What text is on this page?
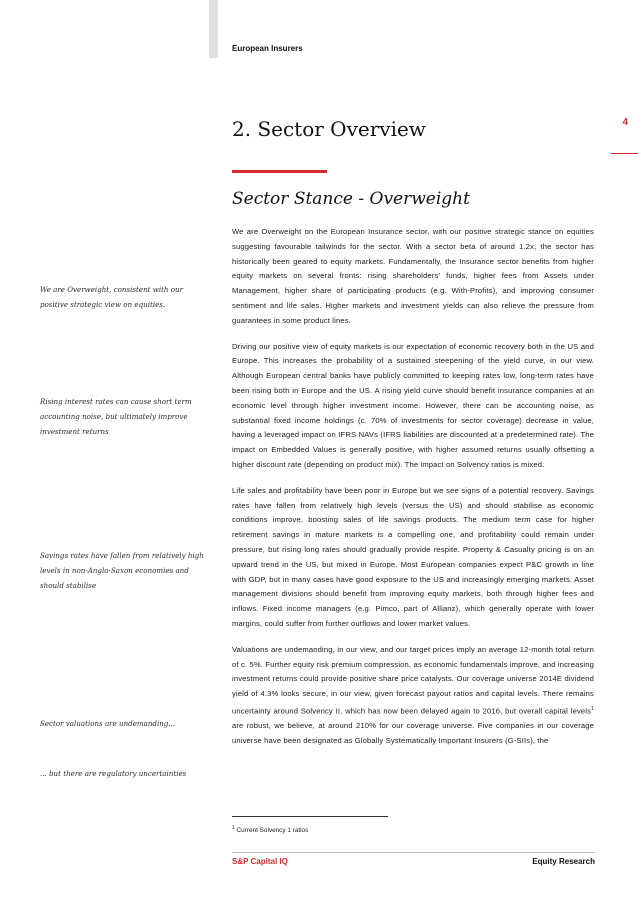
European Insurers
4
2. Sector Overview
Sector Stance - Overweight
We are Overweight, consistent with our positive strategic view on equities.
Rising interest rates can cause short term accounting noise, but ultimately improve investment returns
Savings rates have fallen from relatively high levels in non-Anglo-Saxon economies and should stabilise
Sector valuations are undemanding...
... but there are regulatory uncertainties

We are Overweight on the European Insurance sector, with our positive strategic stance on equities suggesting favourable tailwinds for the sector. With a sector beta of around 1.2x, the sector has historically been geared to equity markets. Fundamentally, the Insurance sector benefits from higher equity markets on several fronts: rising shareholders' funds, higher fees from Assets under Management, higher share of participating products (e.g. With-Profits), and improving consumer sentiment and life sales. Higher markets and investment yields can also relieve the pressure from guarantees in some product lines.

Driving our positive view of equity markets is our expectation of economic recovery both in the US and Europe. This increases the probability of a sustained steepening of the yield curve, in our view. Although European central banks have publicly committed to keeping rates low, long-term rates have been rising both in Europe and the US. A rising yield curve should benefit insurance companies at an economic level through higher investment income. However, there can be accounting noise, as substantial fixed income holdings (c. 70% of investments for sector coverage) decrease in value, having a leveraged impact on IFRS NAVs (IFRS liabilities are discounted at a predetermined rate). The impact on Embedded Values is generally positive, with higher assumed returns usually offsetting a higher discount rate (depending on product mix). The impact on Solvency ratios is mixed.

Life sales and profitability have been poor in Europe but we see signs of a potential recovery. Savings rates have fallen from relatively high levels (versus the US) and should stabilise as economic conditions improve, boosting sales of life savings products. The medium term case for higher retirement savings in mature markets is a compelling one, and profitability could remain under pressure, but rising long rates should gradually provide respite. Property & Casualty pricing is on an upward trend in the US, but mixed in Europe. Most European companies expect P&C growth in line with GDP, but in many cases have good exposure to the US and increasingly emerging markets. Asset management divisions should benefit from improving equity markets, both through higher fees and inflows. Fixed income managers (e.g. Pimco, part of Allianz), which generally operate with lower margins, could suffer from further outflows and lower market values.

Valuations are undemanding, in our view, and our target prices imply an average 12-month total return of c. 5%. Further equity risk premium compression, as economic fundamentals improve, and increasing investment returns could provide positive share price catalysts. Our coverage universe 2014E dividend yield of 4.3% looks secure, in our view, given forecast payout ratios and capital levels. There remains uncertainty around Solvency II, which has now been delayed again to 2016, but overall capital levels$^1$ are robust, we believe, at around 210% for our coverage universe. Five companies in our coverage universe have been designated as Globally Systematically Important Insurers (G-SIIs), the

$^1$ Current Solvency 1 ratios
S&P Capital IQ	Equity Research
